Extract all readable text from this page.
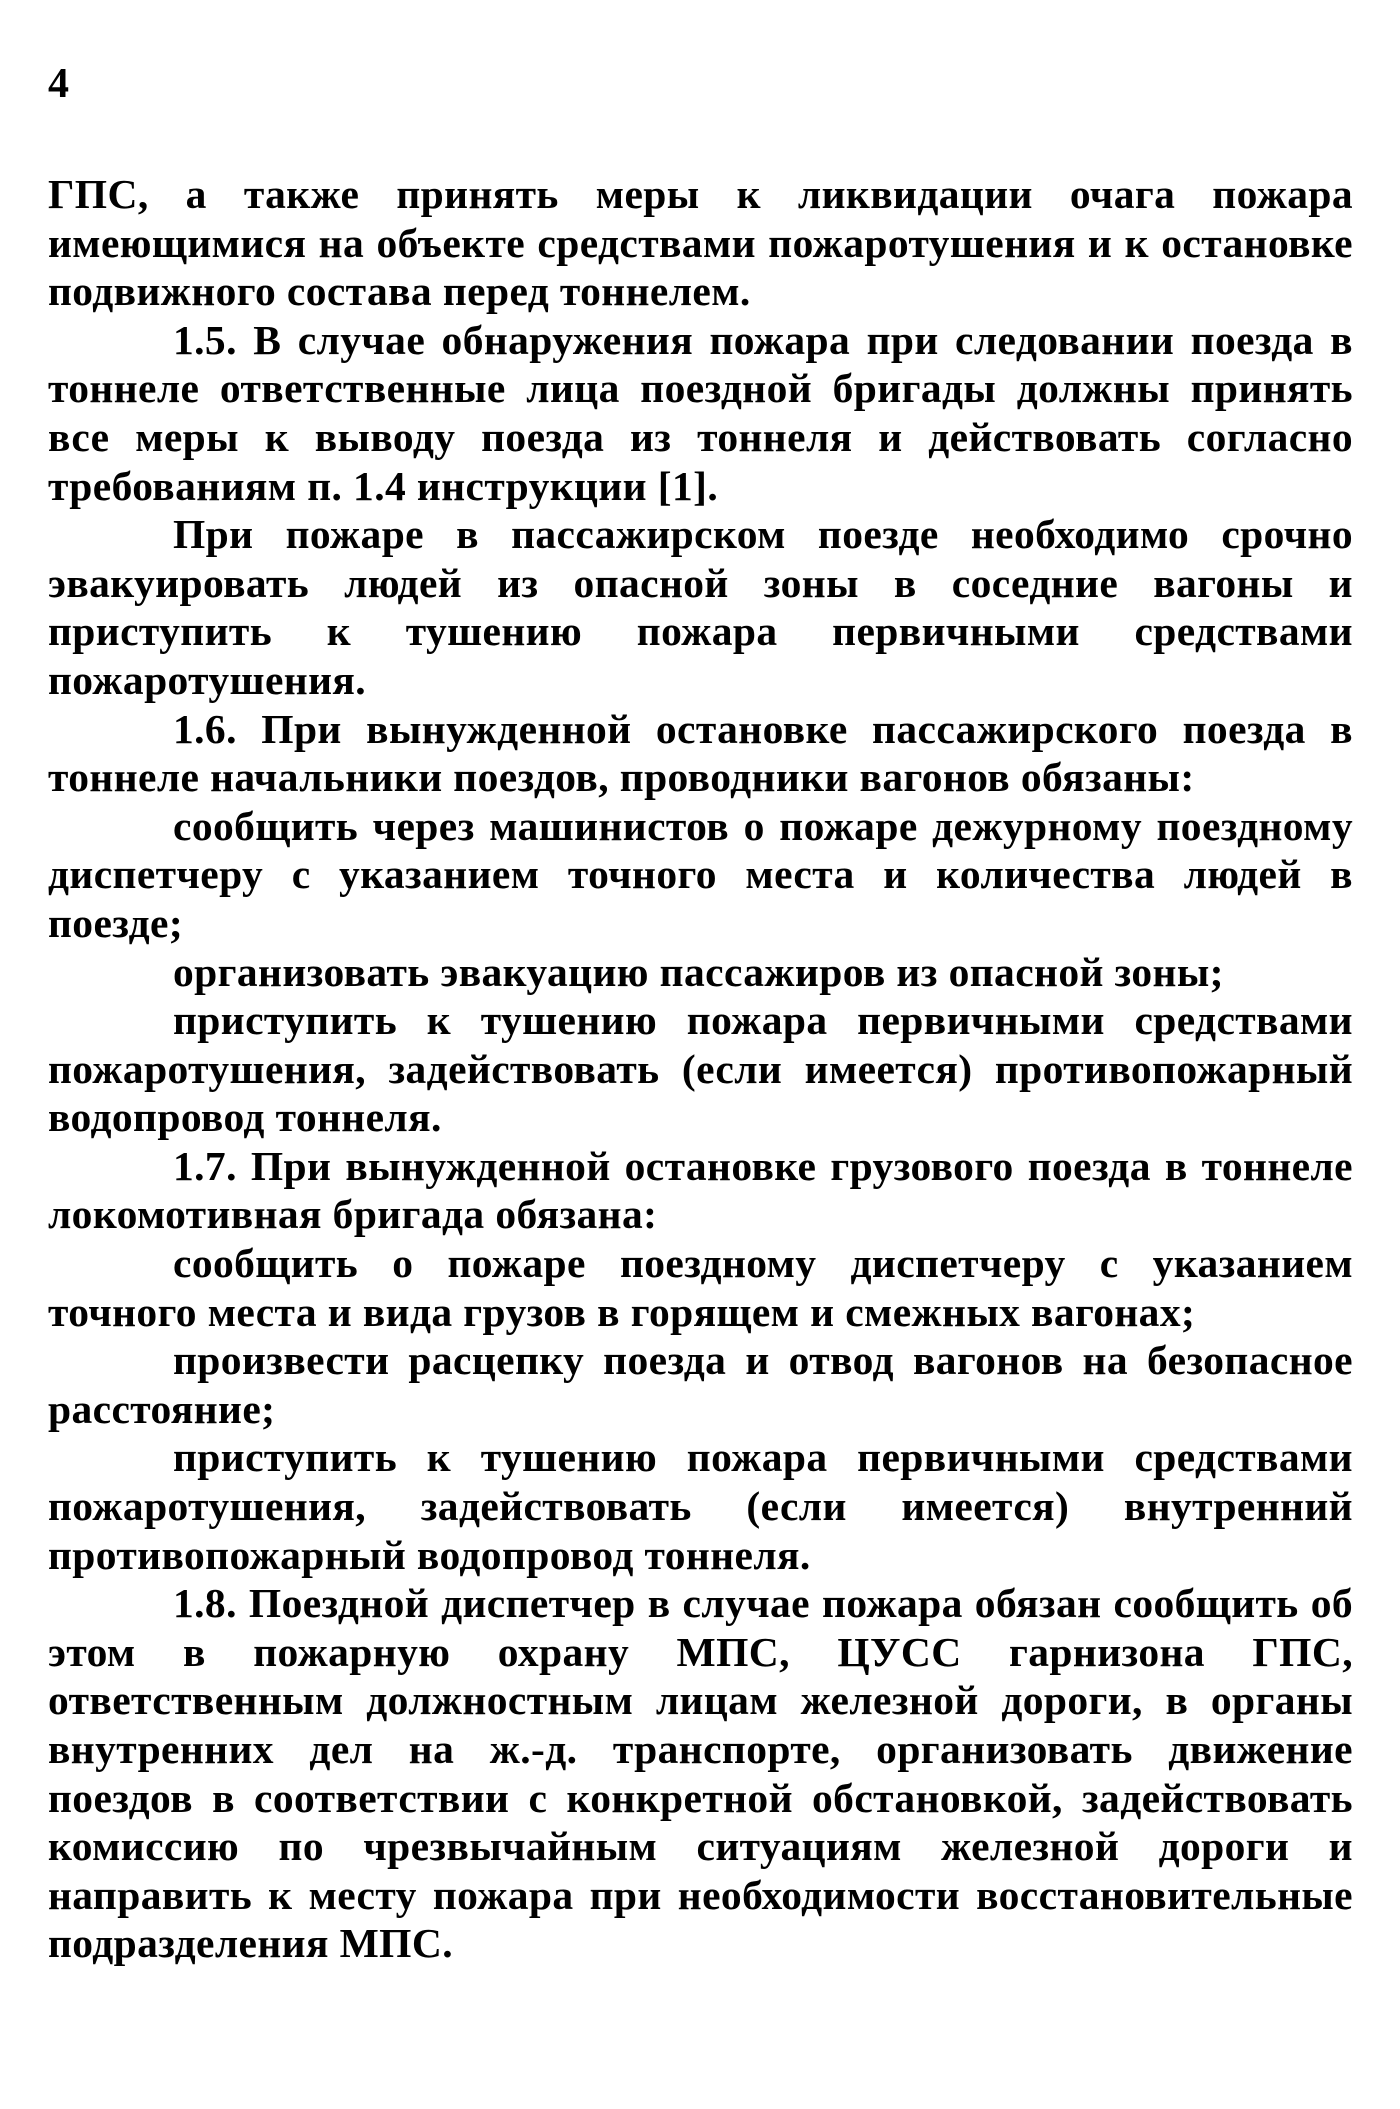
4

ГПС, а также принять меры к ликвидации очага пожара имеющимися на объекте средствами пожаротушения и к остановке подвижного состава перед тоннелем.

1.5. В случае обнаружения пожара при следовании поезда в тоннеле ответственные лица поездной бригады должны принять все меры к выводу поезда из тоннеля и действовать согласно требованиям п. 1.4 инструкции [1].

При пожаре в пассажирском поезде необходимо срочно эвакуировать людей из опасной зоны в соседние вагоны и приступить к тушению пожара первичными средствами пожаротушения.

1.6. При вынужденной остановке пассажирского поезда в тоннеле начальники поездов, проводники вагонов обязаны:

сообщить через машинистов о пожаре дежурному поездному диспетчеру с указанием точного места и количества людей в поезде;

организовать эвакуацию пассажиров из опасной зоны;

приступить к тушению пожара первичными средствами пожаротушения, задействовать (если имеется) противопожарный водопровод тоннеля.

1.7. При вынужденной остановке грузового поезда в тоннеле локомотивная бригада обязана:

сообщить о пожаре поездному диспетчеру с указанием точного места и вида грузов в горящем и смежных вагонах;

произвести расцепку поезда и отвод вагонов на безопасное расстояние;

приступить к тушению пожара первичными средствами пожаротушения, задействовать (если имеется) внутренний противопожарный водопровод тоннеля.

1.8. Поездной диспетчер в случае пожара обязан сообщить об этом в пожарную охрану МПС, ЦУСС гарнизона ГПС, ответственным должностным лицам железной дороги, в органы внутренних дел на ж.-д. транспорте, организовать движение поездов в соответствии с конкретной обстановкой, задействовать комиссию по чрезвычайным ситуациям железной дороги и направить к месту пожара при необходимости восстановительные подразделения МПС.
